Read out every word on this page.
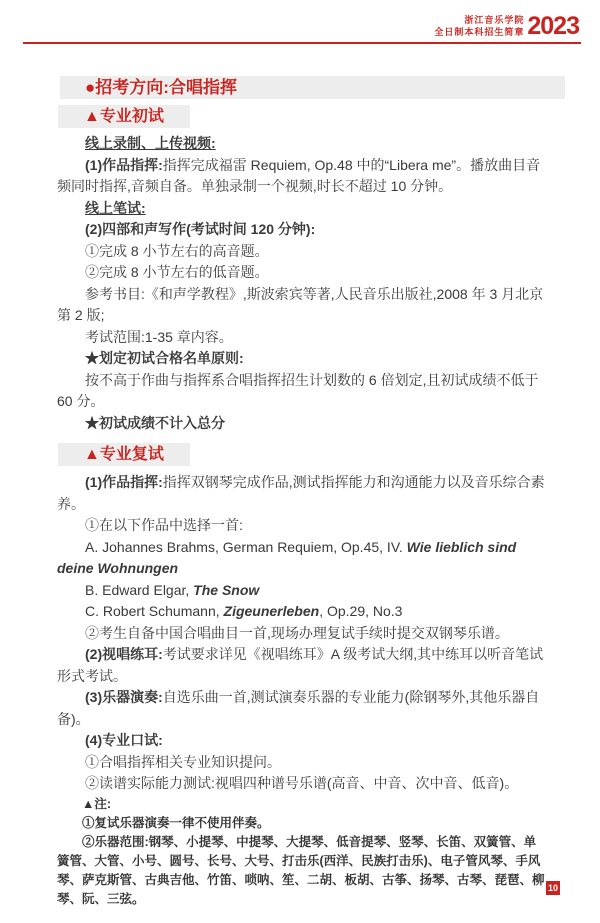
浙江音乐学院
全日制本科招生简章 2023
●招考方向:合唱指挥
▲专业初试

线上录制、上传视频:

(1)作品指挥:指挥完成福雷 Requiem, Op.48 中的“Libera me”。播放曲目音频同时指挥,音频自备。单独录制一个视频,时长不超过 10 分钟。

线上笔试:

(2)四部和声写作(考试时间 120 分钟):

①完成 8 小节左右的高音题。

②完成 8 小节左右的低音题。

参考书目:《和声学教程》,斯波索宾等著,人民音乐出版社,2008 年 3 月北京第 2 版;

考试范围:1-35 章内容。

★划定初试合格名单原则:

按不高于作曲与指挥系合唱指挥招生计划数的 6 倍划定,且初试成绩不低于 60 分。

★初试成绩不计入总分

▲专业复试

(1)作品指挥:指挥双钢琴完成作品,测试指挥能力和沟通能力以及音乐综合素养。

①在以下作品中选择一首:

A. Johannes Brahms, German Requiem, Op.45, IV. Wie lieblich sind deine Wohnungen

B. Edward Elgar, The Snow

C. Robert Schumann, Zigeunerleben, Op.29, No.3

②考生自备中国合唱曲目一首,现场办理复试手续时提交双钢琴乐谱。

(2)视唱练耳:考试要求详见《视唱练耳》A 级考试大纲,其中练耳以听音笔试形式考试。

(3)乐器演奏:自选乐曲一首,测试演奏乐器的专业能力(除钢琴外,其他乐器自备)。

(4)专业口试:

①合唱指挥相关专业知识提问。

②读谱实际能力测试:视唱四种谱号乐谱(高音、中音、次中音、低音)。

▲注:

①复试乐器演奏一律不使用伴奏。

②乐器范围:钢琴、小提琴、中提琴、大提琴、低音提琴、竖琴、长笛、双簧管、单簧管、大管、小号、圆号、长号、大号、打击乐(西洋、民族打击乐)、电子管风琴、手风琴、萨克斯管、古典吉他、竹笛、唢呐、笙、二胡、板胡、古筝、扬琴、古琴、琵琶、柳琴、阮、三弦。

10
